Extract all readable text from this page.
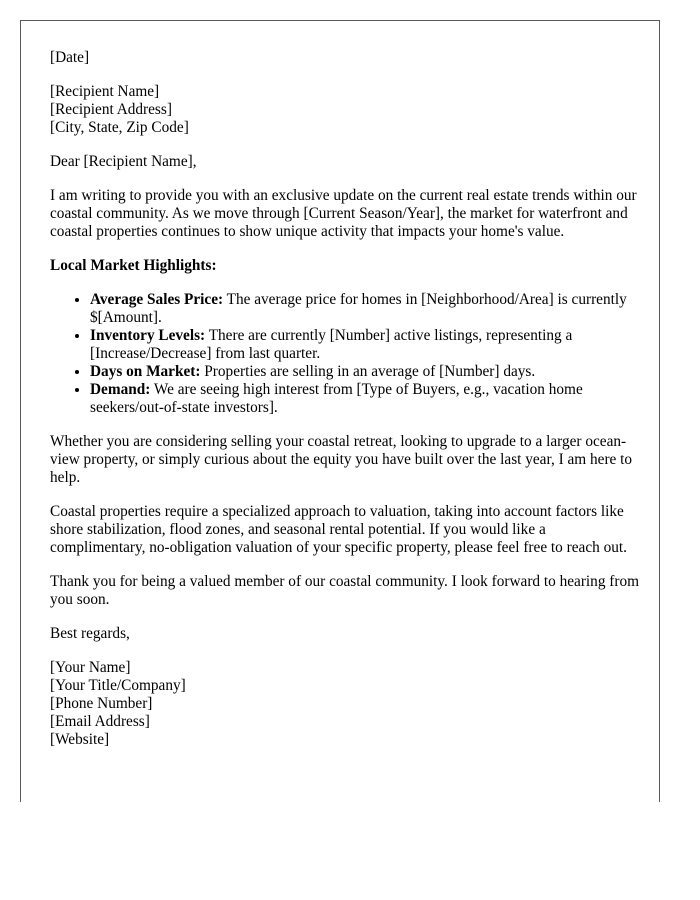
[Date]

[Recipient Name]
[Recipient Address]
[City, State, Zip Code]

Dear [Recipient Name],

I am writing to provide you with an exclusive update on the current real estate trends within our coastal community. As we move through [Current Season/Year], the market for waterfront and coastal properties continues to show unique activity that impacts your home's value.

Local Market Highlights:

• Average Sales Price: The average price for homes in [Neighborhood/Area] is currently $[Amount].
• Inventory Levels: There are currently [Number] active listings, representing a [Increase/Decrease] from last quarter.
• Days on Market: Properties are selling in an average of [Number] days.
• Demand: We are seeing high interest from [Type of Buyers, e.g., vacation home seekers/out-of-state investors].

Whether you are considering selling your coastal retreat, looking to upgrade to a larger ocean-view property, or simply curious about the equity you have built over the last year, I am here to help.

Coastal properties require a specialized approach to valuation, taking into account factors like shore stabilization, flood zones, and seasonal rental potential. If you would like a complimentary, no-obligation valuation of your specific property, please feel free to reach out.

Thank you for being a valued member of our coastal community. I look forward to hearing from you soon.

Best regards,

[Your Name]
[Your Title/Company]
[Phone Number]
[Email Address]
[Website]
